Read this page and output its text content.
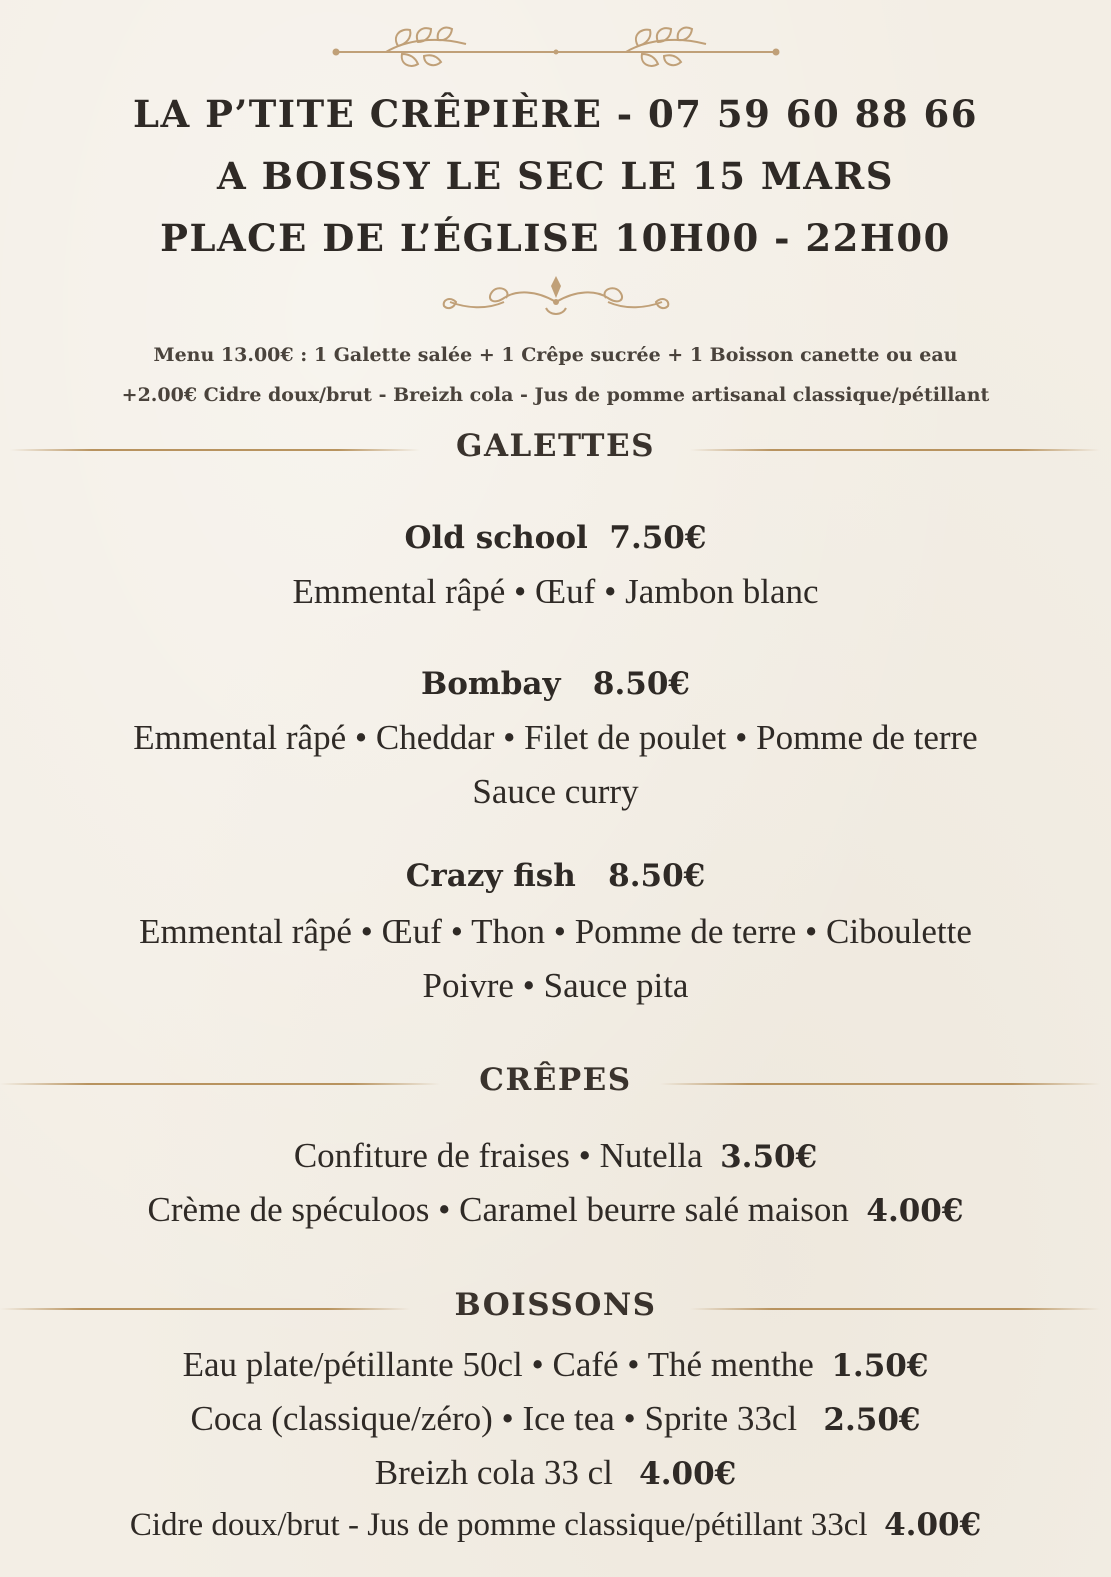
LA P’TITE CRÊPIÈRE - 07 59 60 88 66
A BOISSY LE SEC LE 15 MARS
PLACE DE L’ÉGLISE 10H00 - 22H00
Menu 13.00€ : 1 Galette salée + 1 Crêpe sucrée + 1 Boisson canette ou eau
+2.00€ Cidre doux/brut - Breizh cola - Jus de pomme artisanal classique/pétillant
GALETTES
Old school 7.50€
Emmental râpé • Œuf • Jambon blanc
Bombay 8.50€
Emmental râpé • Cheddar • Filet de poulet • Pomme de terre
Sauce curry
Crazy fish 8.50€
Emmental râpé • Œuf • Thon • Pomme de terre • Ciboulette
Poivre • Sauce pita
CRÊPES
Confiture de fraises • Nutella 3.50€
Crème de spéculoos • Caramel beurre salé maison 4.00€
BOISSONS
Eau plate/pétillante 50cl • Café • Thé menthe 1.50€
Coca (classique/zéro) • Ice tea • Sprite 33cl 2.50€
Breizh cola 33 cl 4.00€
Cidre doux/brut - Jus de pomme classique/pétillant 33cl 4.00€
